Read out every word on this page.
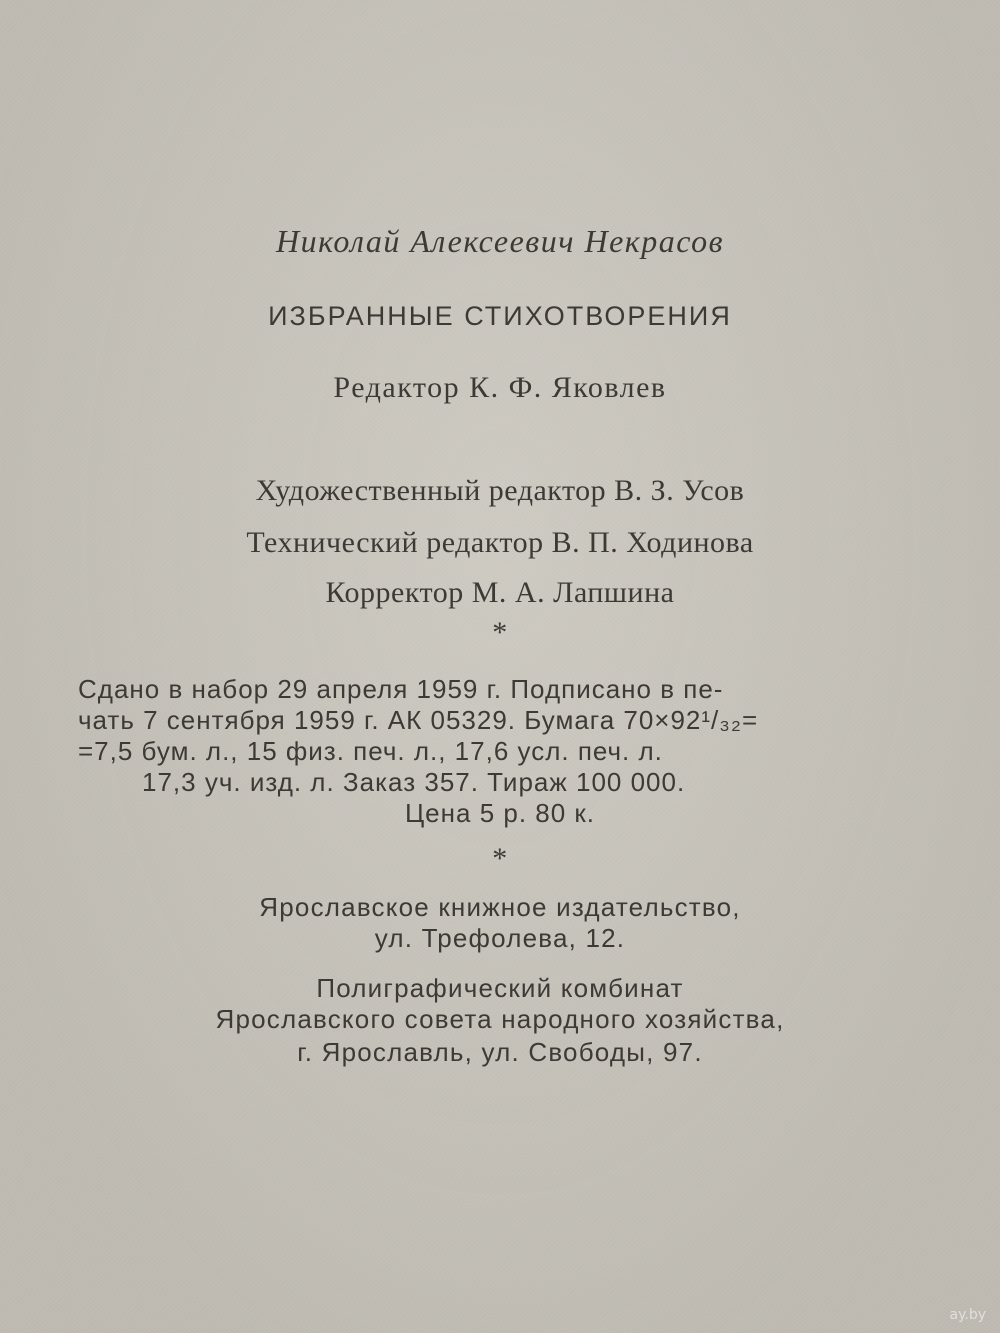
Николай Алексеевич Некрасов
ИЗБРАННЫЕ СТИХОТВОРЕНИЯ
Редактор К. Ф. Яковлев
Художественный редактор В. З. Усов
Технический редактор В. П. Ходинова
Корректор М. А. Лапшина
*
Сдано в набор 29 апреля 1959 г. Подписано в пе-
чать 7 сентября 1959 г. АК 05329. Бумага 70×92¹/₃₂=
=7,5 бум. л., 15 физ. печ. л., 17,6 усл. печ. л.
17,3 уч. изд. л. Заказ 357. Тираж 100 000.
Цена 5 р. 80 к.
*
Ярославское книжное издательство,
ул. Трефолева, 12.
Полиграфический комбинат
Ярославского совета народного хозяйства,
г. Ярославль, ул. Свободы, 97.
ay.by
